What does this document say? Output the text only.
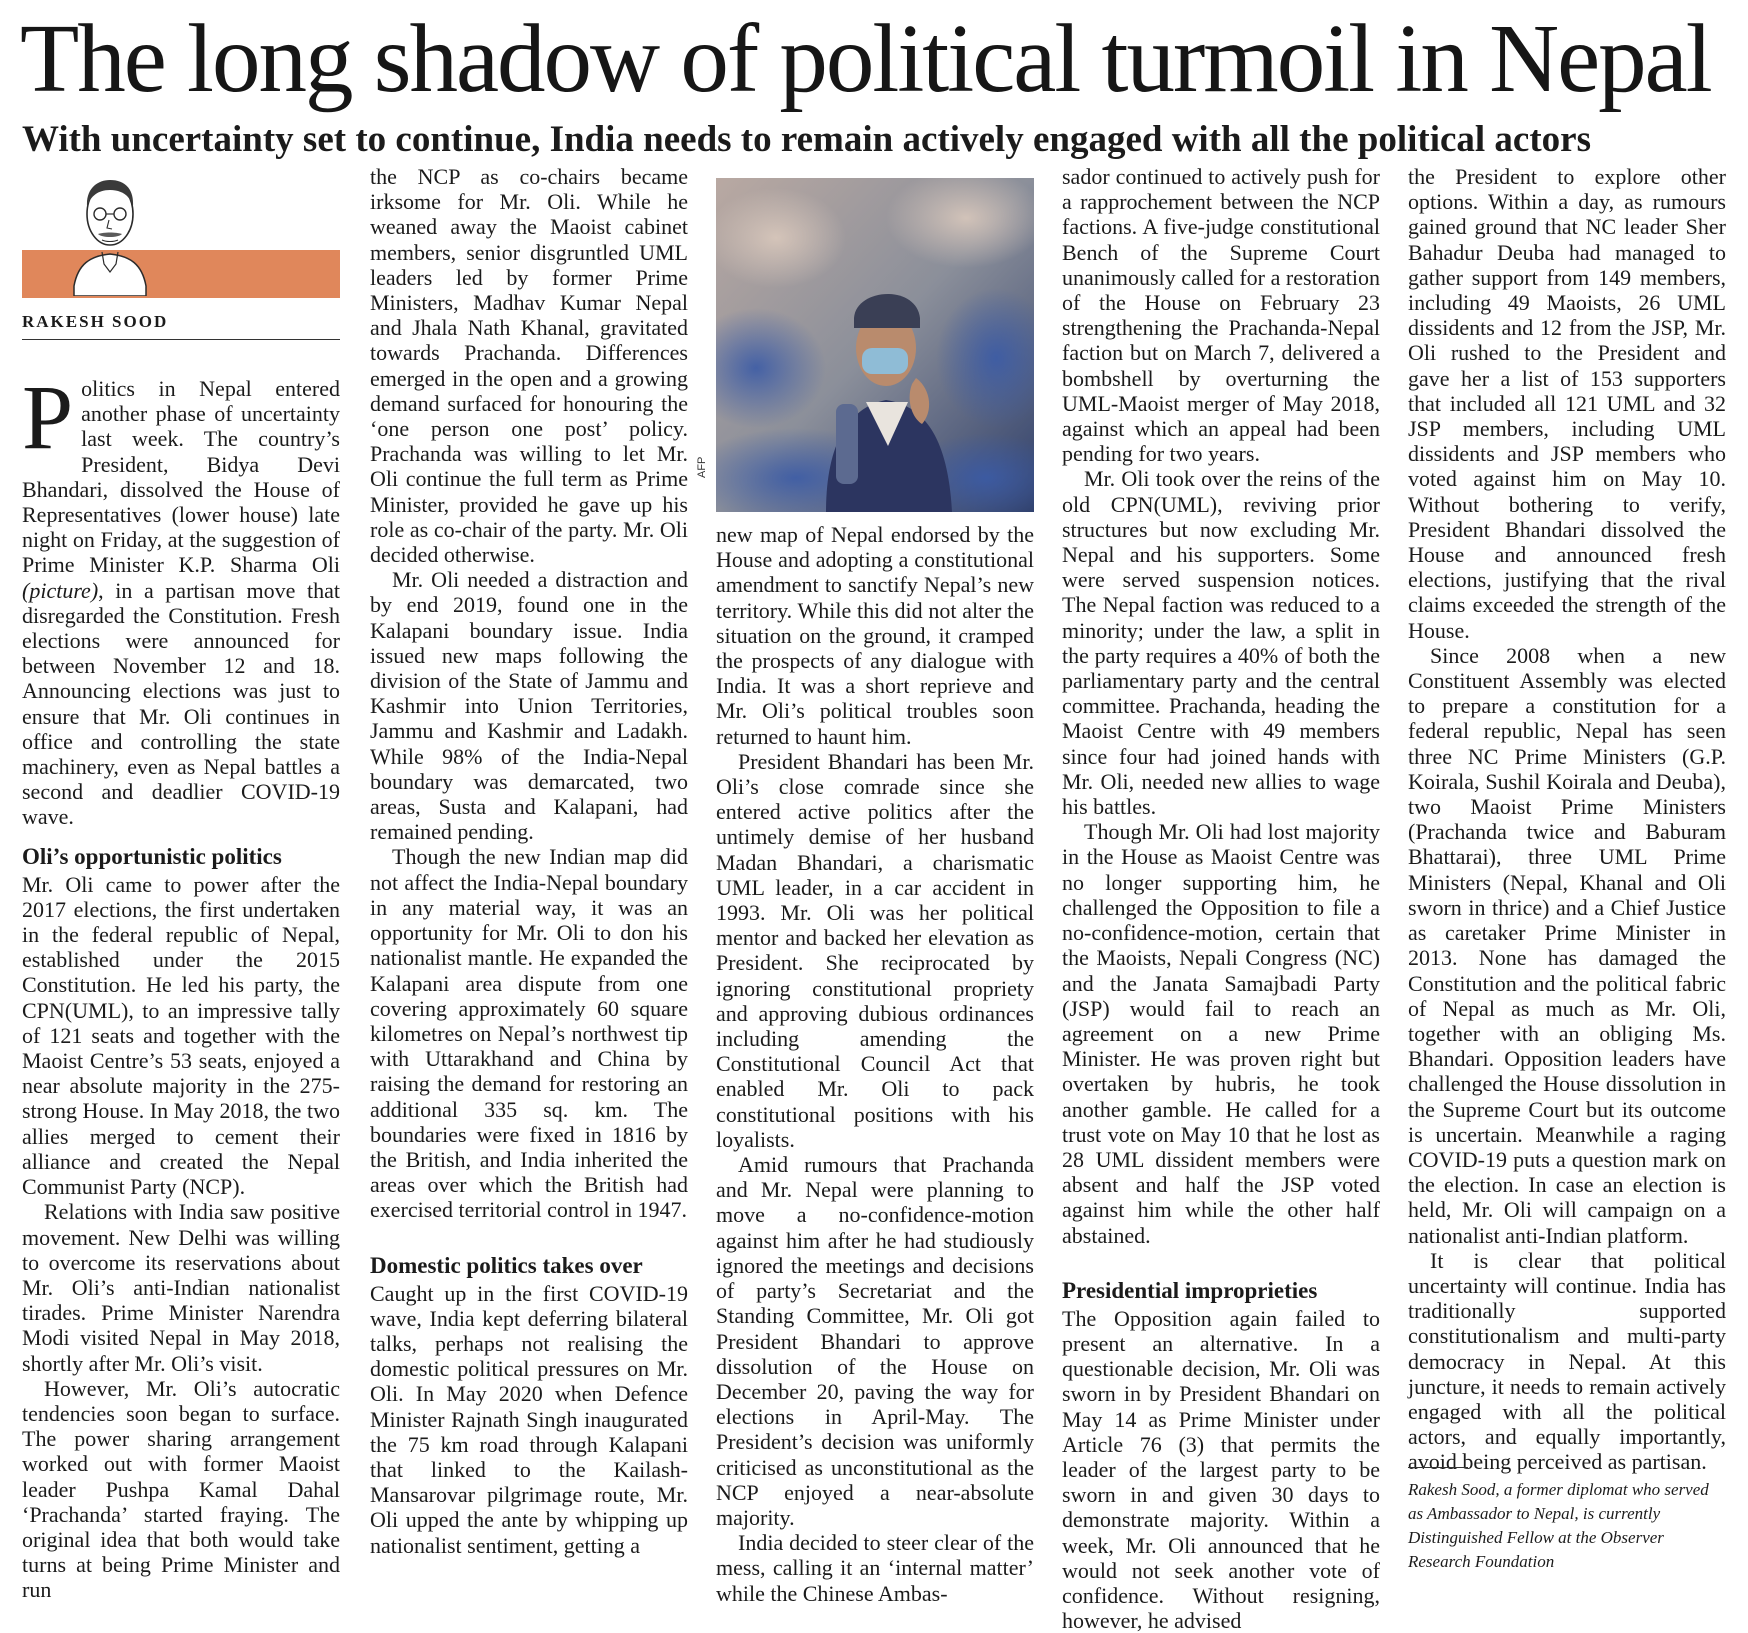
The long shadow of political turmoil in Nepal
With uncertainty set to continue, India needs to remain actively engaged with all the political actors
RAKESH SOOD
AFP

Politics in Nepal entered another phase of uncertainty last week. The country’s President, Bidya Devi Bhandari, dissolved the House of Representatives (lower house) late night on Friday, at the suggestion of Prime Minister K.P. Sharma Oli (picture), in a partisan move that disregarded the Constitution. Fresh elections were announced for between November 12 and 18. Announcing elections was just to ensure that Mr. Oli continues in office and controlling the state machinery, even as Nepal battles a second and deadlier COVID-19 wave.

Oli’s opportunistic politics

Mr. Oli came to power after the 2017 elections, the first undertaken in the federal republic of Nepal, established under the 2015 Constitution. He led his party, the CPN(UML), to an impressive tally of 121 seats and together with the Maoist Centre’s 53 seats, enjoyed a near absolute majority in the 275-strong House. In May 2018, the two allies merged to cement their alliance and created the Nepal Communist Party (NCP).

Relations with India saw positive movement. New Delhi was willing to overcome its reservations about Mr. Oli’s anti-Indian nationalist tirades. Prime Minister Narendra Modi visited Nepal in May 2018, shortly after Mr. Oli’s visit.

However, Mr. Oli’s autocratic tendencies soon began to surface. The power sharing arrangement worked out with former Maoist leader Pushpa Kamal Dahal ‘Prachanda’ started fraying. The original idea that both would take turns at being Prime Minister and run

the NCP as co-chairs became irksome for Mr. Oli. While he weaned away the Maoist cabinet members, senior disgruntled UML leaders led by former Prime Ministers, Madhav Kumar Nepal and Jhala Nath Khanal, gravitated towards Prachanda. Differences emerged in the open and a growing demand surfaced for honouring the ‘one person one post’ policy. Prachanda was willing to let Mr. Oli continue the full term as Prime Minister, provided he gave up his role as co-chair of the party. Mr. Oli decided otherwise.

Mr. Oli needed a distraction and by end 2019, found one in the Kalapani boundary issue. India issued new maps following the division of the State of Jammu and Kashmir into Union Territories, Jammu and Kashmir and Ladakh. While 98% of the India-Nepal boundary was demarcated, two areas, Susta and Kalapani, had remained pending.

Though the new Indian map did not affect the India-Nepal boundary in any material way, it was an opportunity for Mr. Oli to don his nationalist mantle. He expanded the Kalapani area dispute from one covering approximately 60 square kilometres on Nepal’s northwest tip with Uttarakhand and China by raising the demand for restoring an additional 335 sq. km. The boundaries were fixed in 1816 by the British, and India inherited the areas over which the British had exercised territorial control in 1947.

Domestic politics takes over

Caught up in the first COVID-19 wave, India kept deferring bilateral talks, perhaps not realising the domestic political pressures on Mr. Oli. In May 2020 when Defence Minister Rajnath Singh inaugurated the 75 km road through Kalapani that linked to the Kailash-Mansarovar pilgrimage route, Mr. Oli upped the ante by whipping up nationalist sentiment, getting a

new map of Nepal endorsed by the House and adopting a constitutional amendment to sanctify Nepal’s new territory. While this did not alter the situation on the ground, it cramped the prospects of any dialogue with India. It was a short reprieve and Mr. Oli’s political troubles soon returned to haunt him.

President Bhandari has been Mr. Oli’s close comrade since she entered active politics after the untimely demise of her husband Madan Bhandari, a charismatic UML leader, in a car accident in 1993. Mr. Oli was her political mentor and backed her elevation as President. She reciprocated by ignoring constitutional propriety and approving dubious ordinances including amending the Constitutional Council Act that enabled Mr. Oli to pack constitutional positions with his loyalists.

Amid rumours that Prachanda and Mr. Nepal were planning to move a no-confidence-motion against him after he had studiously ignored the meetings and decisions of party’s Secretariat and the Standing Committee, Mr. Oli got President Bhandari to approve dissolution of the House on December 20, paving the way for elections in April-May. The President’s decision was uniformly criticised as unconstitutional as the NCP enjoyed a near-absolute majority.

India decided to steer clear of the mess, calling it an ‘internal matter’ while the Chinese Ambas-

sador continued to actively push for a rapprochement between the NCP factions. A five-judge constitutional Bench of the Supreme Court unanimously called for a restoration of the House on February 23 strengthening the Prachanda-Nepal faction but on March 7, delivered a bombshell by overturning the UML-Maoist merger of May 2018, against which an appeal had been pending for two years.

Mr. Oli took over the reins of the old CPN(UML), reviving prior structures but now excluding Mr. Nepal and his supporters. Some were served suspension notices. The Nepal faction was reduced to a minority; under the law, a split in the party requires a 40% of both the parliamentary party and the central committee. Prachanda, heading the Maoist Centre with 49 members since four had joined hands with Mr. Oli, needed new allies to wage his battles.

Though Mr. Oli had lost majority in the House as Maoist Centre was no longer supporting him, he challenged the Opposition to file a no-confidence-motion, certain that the Maoists, Nepali Congress (NC) and the Janata Samajbadi Party (JSP) would fail to reach an agreement on a new Prime Minister. He was proven right but overtaken by hubris, he took another gamble. He called for a trust vote on May 10 that he lost as 28 UML dissident members were absent and half the JSP voted against him while the other half abstained.

Presidential improprieties

The Opposition again failed to present an alternative. In a questionable decision, Mr. Oli was sworn in by President Bhandari on May 14 as Prime Minister under Article 76 (3) that permits the leader of the largest party to be sworn in and given 30 days to demonstrate majority. Within a week, Mr. Oli announced that he would not seek another vote of confidence. Without resigning, however, he advised

the President to explore other options. Within a day, as rumours gained ground that NC leader Sher Bahadur Deuba had managed to gather support from 149 members, including 49 Maoists, 26 UML dissidents and 12 from the JSP, Mr. Oli rushed to the President and gave her a list of 153 supporters that included all 121 UML and 32 JSP members, including UML dissidents and JSP members who voted against him on May 10. Without bothering to verify, President Bhandari dissolved the House and announced fresh elections, justifying that the rival claims exceeded the strength of the House.

Since 2008 when a new Constituent Assembly was elected to prepare a constitution for a federal republic, Nepal has seen three NC Prime Ministers (G.P. Koirala, Sushil Koirala and Deuba), two Maoist Prime Ministers (Prachanda twice and Baburam Bhattarai), three UML Prime Ministers (Nepal, Khanal and Oli sworn in thrice) and a Chief Justice as caretaker Prime Minister in 2013. None has damaged the Constitution and the political fabric of Nepal as much as Mr. Oli, together with an obliging Ms. Bhandari. Opposition leaders have challenged the House dissolution in the Supreme Court but its outcome is uncertain. Meanwhile a raging COVID-19 puts a question mark on the election. In case an election is held, Mr. Oli will campaign on a nationalist anti-Indian platform.

It is clear that political uncertainty will continue. India has traditionally supported constitutionalism and multi-party democracy in Nepal. At this juncture, it needs to remain actively engaged with all the political actors, and equally importantly, avoid being perceived as partisan.

Rakesh Sood, a former diplomat who served as Ambassador to Nepal, is currently Distinguished Fellow at the Observer Research Foundation
